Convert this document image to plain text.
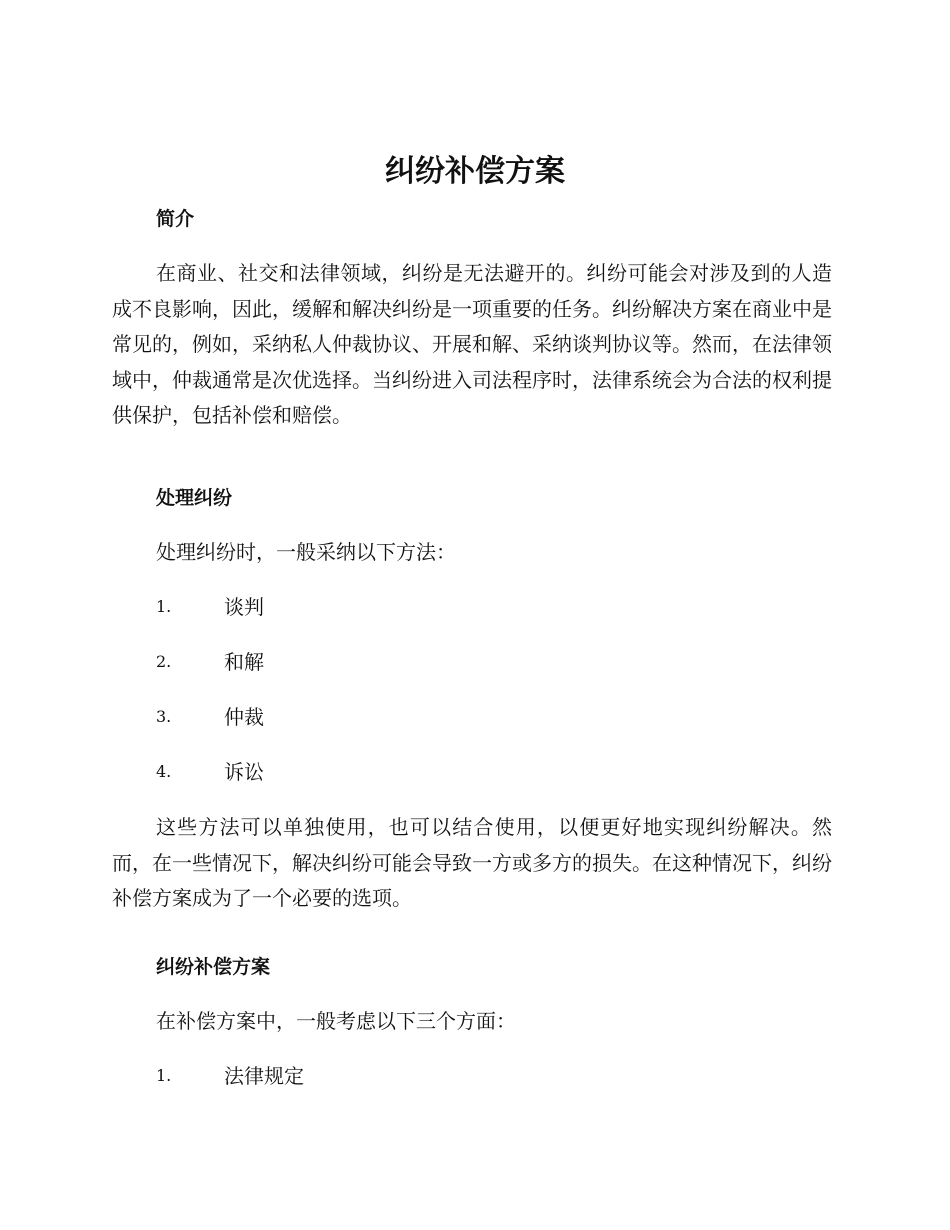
纠纷补偿方案
简介

在商业、社交和法律领域，纠纷是无法避开的。纠纷可能会对涉及到的人造成不良影响，因此，缓解和解决纠纷是一项重要的任务。纠纷解决方案在商业中是常见的，例如，采纳私人仲裁协议、开展和解、采纳谈判协议等。然而，在法律领域中，仲裁通常是次优选择。当纠纷进入司法程序时，法律系统会为合法的权利提供保护，包括补偿和赔偿。

处理纠纷

处理纠纷时，一般采纳以下方法：

1.	谈判
2.	和解
3.	仲裁
4.	诉讼

这些方法可以单独使用，也可以结合使用，以便更好地实现纠纷解决。然而，在一些情况下，解决纠纷可能会导致一方或多方的损失。在这种情况下，纠纷补偿方案成为了一个必要的选项。

纠纷补偿方案

在补偿方案中，一般考虑以下三个方面：

1.	法律规定
